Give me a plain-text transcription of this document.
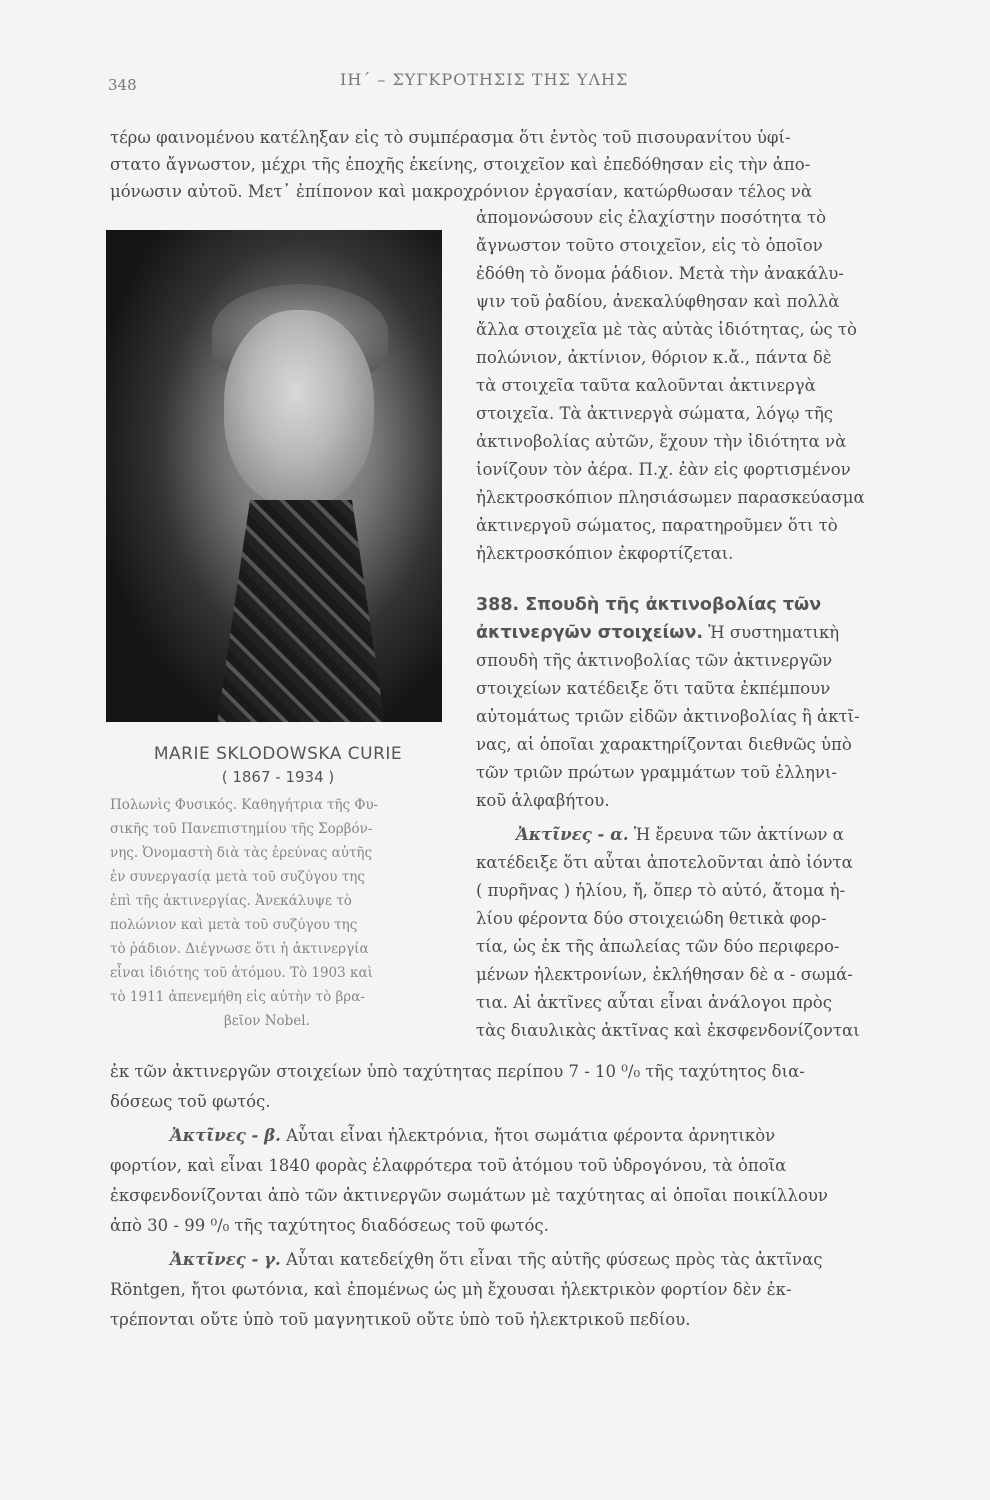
348	ΙΗ΄ – ΣΥΓΚΡΟΤΗΣΙΣ ΤΗΣ ΥΛΗΣ
τέρω φαινομένου κατέληξαν εἰς τὸ συμπέρασμα ὅτι ἐντὸς τοῦ πισουρανίτου ὑφί-
στατο ἄγνωστον, μέχρι τῆς ἐποχῆς ἐκείνης, στοιχεῖον καὶ ἐπεδόθησαν εἰς τὴν ἀπο-
μόνωσιν αὐτοῦ. Μετ᾽ ἐπίπονον καὶ μακροχρόνιον ἐργασίαν, κατώρθωσαν τέλος νὰ
MARIE SKLODOWSKA CURIE
( 1867 - 1934 )
Πολωνὶς Φυσικός. Καθηγήτρια τῆς Φυ-
σικῆς τοῦ Πανεπιστημίου τῆς Σορβόν-
νης. Ὀνομαστὴ διὰ τὰς ἐρεύνας αὐτῆς
ἐν συνεργασίᾳ μετὰ τοῦ συζύγου της
ἐπὶ τῆς ἀκτινεργίας. Ἀνεκάλυψε τὸ
πολώνιον καὶ μετὰ τοῦ συζύγου της
τὸ ῥάδιον. Διέγνωσε ὅτι ἡ ἀκτινεργία
εἶναι ἰδιότης τοῦ ἀτόμου. Τὸ 1903 καὶ
τὸ 1911 ἀπενεμήθη εἰς αὐτὴν τὸ βρα-
βεῖον Nobel.
ἀπομονώσουν εἰς ἐλαχίστην ποσότητα τὸ
ἄγνωστον τοῦτο στοιχεῖον, εἰς τὸ ὁποῖον
ἐδόθη τὸ ὄνομα ῥάδιον. Μετὰ τὴν ἀνακάλυ-
ψιν τοῦ ῥαδίου, ἀνεκαλύφθησαν καὶ πολλὰ
ἄλλα στοιχεῖα μὲ τὰς αὐτὰς ἰδιότητας, ὡς τὸ
πολώνιον, ἀκτίνιον, θόριον κ.ἄ., πάντα δὲ
τὰ στοιχεῖα ταῦτα καλοῦνται ἀκτινεργὰ
στοιχεῖα. Τὰ ἀκτινεργὰ σώματα, λόγῳ τῆς
ἀκτινοβολίας αὐτῶν, ἔχουν τὴν ἰδιότητα νὰ
ἰονίζουν τὸν ἀέρα. Π.χ. ἐὰν εἰς φορτισμένον
ἠλεκτροσκόπιον πλησιάσωμεν παρασκεύασμα
ἀκτινεργοῦ σώματος, παρατηροῦμεν ὅτι τὸ
ἠλεκτροσκόπιον ἐκφορτίζεται.
388. Σπουδὴ τῆς ἀκτινοβολίας τῶν
ἀκτινεργῶν στοιχείων. Ἡ συστηματικὴ
σπουδὴ τῆς ἀκτινοβολίας τῶν ἀκτινεργῶν
στοιχείων κατέδειξε ὅτι ταῦτα ἐκπέμπουν
αὐτομάτως τριῶν εἰδῶν ἀκτινοβολίας ἢ ἀκτῖ-
νας, αἱ ὁποῖαι χαρακτηρίζονται διεθνῶς ὑπὸ
τῶν τριῶν πρώτων γραμμάτων τοῦ ἑλληνι-
κοῦ ἀλφαβήτου.
Ἀκτῖνες - α. Ἡ ἔρευνα τῶν ἀκτίνων α
κατέδειξε ὅτι αὗται ἀποτελοῦνται ἀπὸ ἰόντα
( πυρῆνας ) ἡλίου, ἤ, ὅπερ τὸ αὐτό, ἄτομα ἡ-
λίου φέροντα δύο στοιχειώδη θετικὰ φορ-
τία, ὡς ἐκ τῆς ἀπωλείας τῶν δύο περιφερο-
μένων ἠλεκτρονίων, ἐκλήθησαν δὲ α - σωμά-
τια. Αἱ ἀκτῖνες αὗται εἶναι ἀνάλογοι πρὸς
τὰς διαυλικὰς ἀκτῖνας καὶ ἐκσφενδονίζονται
ἐκ τῶν ἀκτινεργῶν στοιχείων ὑπὸ ταχύτητας περίπου 7 - 10 ⁰/₀ τῆς ταχύτητος δια-
δόσεως τοῦ φωτός.
Ἀκτῖνες - β. Αὗται εἶναι ἠλεκτρόνια, ἤτοι σωμάτια φέροντα ἀρνητικὸν
φορτίον, καὶ εἶναι 1840 φορὰς ἐλαφρότερα τοῦ ἀτόμου τοῦ ὑδρογόνου, τὰ ὁποῖα
ἐκσφενδονίζονται ἀπὸ τῶν ἀκτινεργῶν σωμάτων μὲ ταχύτητας αἱ ὁποῖαι ποικίλλουν
ἀπὸ 30 - 99 ⁰/₀ τῆς ταχύτητος διαδόσεως τοῦ φωτός.
Ἀκτῖνες - γ. Αὗται κατεδείχθη ὅτι εἶναι τῆς αὐτῆς φύσεως πρὸς τὰς ἀκτῖνας
Röntgen, ἤτοι φωτόνια, καὶ ἐπομένως ὡς μὴ ἔχουσαι ἠλεκτρικὸν φορτίον δὲν ἐκ-
τρέπονται οὔτε ὑπὸ τοῦ μαγνητικοῦ οὔτε ὑπὸ τοῦ ἠλεκτρικοῦ πεδίου.
